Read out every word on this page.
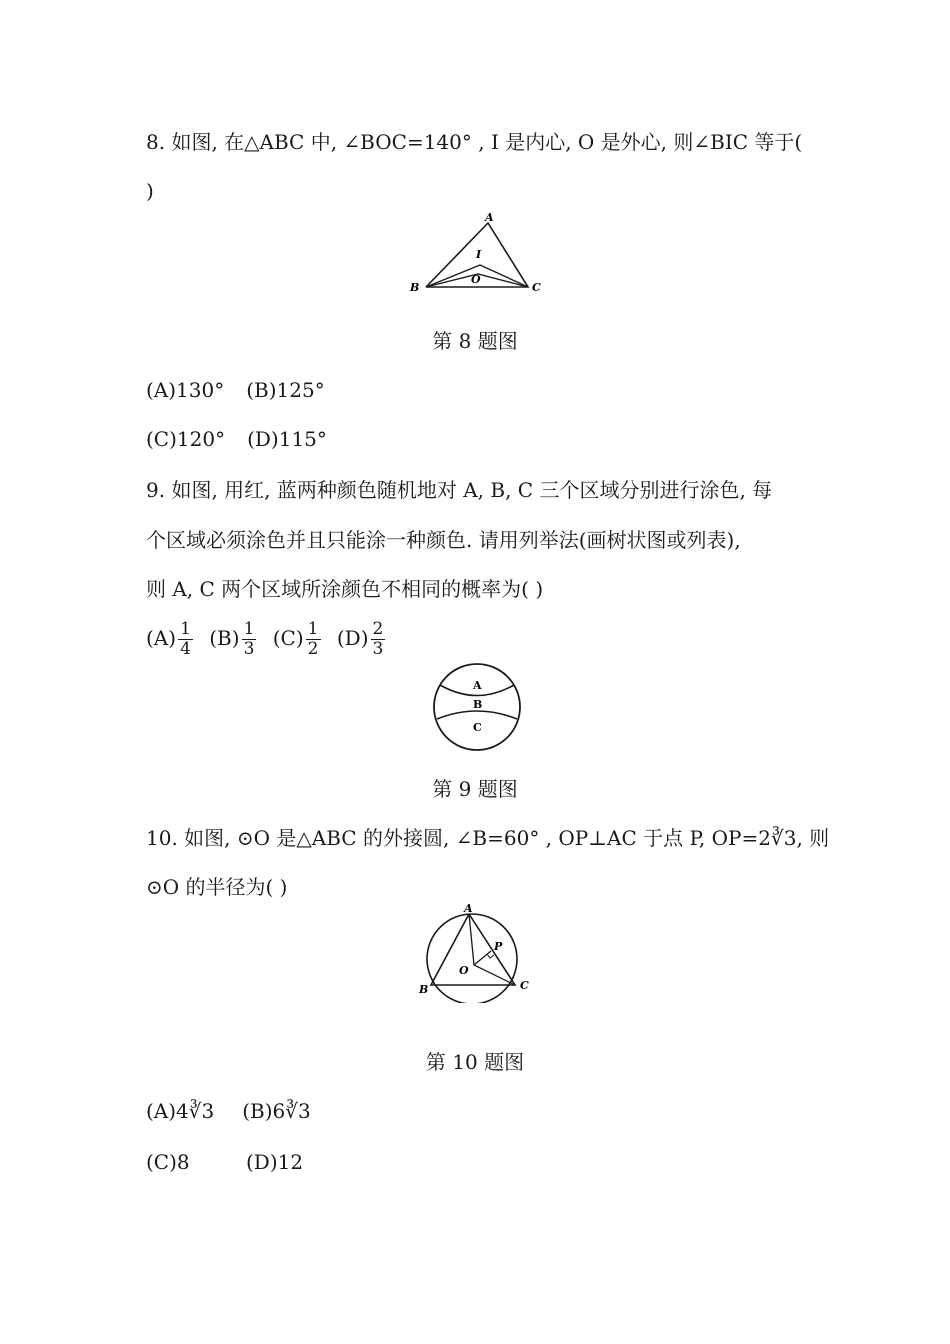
8. 如图, 在△ABC 中, ∠BOC=140° , I 是内心, O 是外心, 则∠BIC 等于(
)
A
I
O
B	C
第 8 题图
(A)130° (B)125°
(C)120° (D)115°
9. 如图, 用红, 蓝两种颜色随机地对 A, B, C 三个区域分别进行涂色, 每
个区域必须涂色并且只能涂一种颜色. 请用列举法(画树状图或列表),
则 A, C 两个区域所涂颜色不相同的概率为( )
$(A) \frac{1}{4} (B) \frac{1}{3} (C) \frac{1}{2} (D) \frac{2}{3}$
A
B
C
第 9 题图
10. 如图, ⊙O 是△ABC 的外接圆, ∠B=60° , OP⊥AC 于点 P, OP=2∛3, 则
⊙O 的半径为( )
A
P
O
B	C
第 10 题图
(A)4∛3 (B)6∛3
(C)8	(D)12
